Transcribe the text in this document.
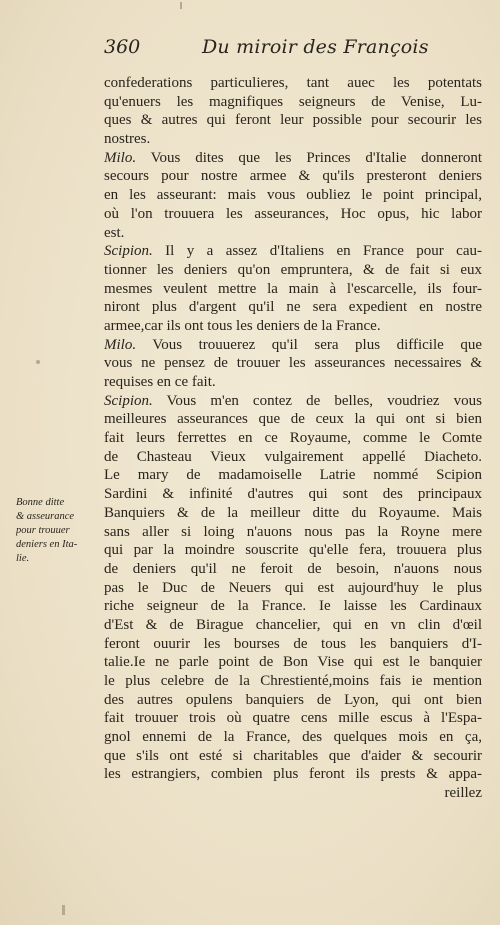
360	Du miroir des François
confederations particulieres, tant auec les potentats
qu'enuers les magnifiques seigneurs de Venise, Lu-
ques & autres qui feront leur possible pour secourir les
nostres.
Milo. Vous dites que les Princes d'Italie donneront
secours pour nostre armee & qu'ils presteront deniers
en les asseurant: mais vous oubliez le point principal,
où l'on trouuera les asseurances, Hoc opus, hic labor
est.
Scipion. Il y a assez d'Italiens en France pour cau-
tionner les deniers qu'on empruntera, & de fait si eux
mesmes veulent mettre la main à l'escarcelle, ils four-
niront plus d'argent qu'il ne sera expedient en nostre
armee,car ils ont tous les deniers de la France.
Milo. Vous trouuerez qu'il sera plus difficile que
vous ne pensez de trouuer les asseurances necessaires &
requises en ce fait.
Scipion. Vous m'en contez de belles, voudriez vous
meilleures asseurances que de ceux la qui ont si bien
fait leurs ferrettes en ce Royaume, comme le Comte
de Chasteau Vieux vulgairement appellé Diacheto.
Le mary de madamoiselle Latrie nommé Scipion
Sardini & infinité d'autres qui sont des principaux
Banquiers & de la meilleur ditte du Royaume. Mais
sans aller si loing n'auons nous pas la Royne mere
qui par la moindre souscrite qu'elle fera, trouuera plus
de deniers qu'il ne feroit de besoin, n'auons nous
pas le Duc de Neuers qui est aujourd'huy le plus
riche seigneur de la France. Ie laisse les Cardinaux
d'Est & de Birague chancelier, qui en vn clin d'œil
feront ouurir les bourses de tous les banquiers d'I-
talie.Ie ne parle point de Bon Vise qui est le banquier
le plus celebre de la Chrestienté,moins fais ie mention
des autres opulens banquiers de Lyon, qui ont bien
fait trouuer trois où quatre cens mille escus à l'Espa-
gnol ennemi de la France, des quelques mois en ça,
que s'ils ont esté si charitables que d'aider & secourir
les estrangiers, combien plus feront ils prests & appa-
reillez
Bonne ditte
& asseurance
pour trouuer
deniers en Ita-
lie.
